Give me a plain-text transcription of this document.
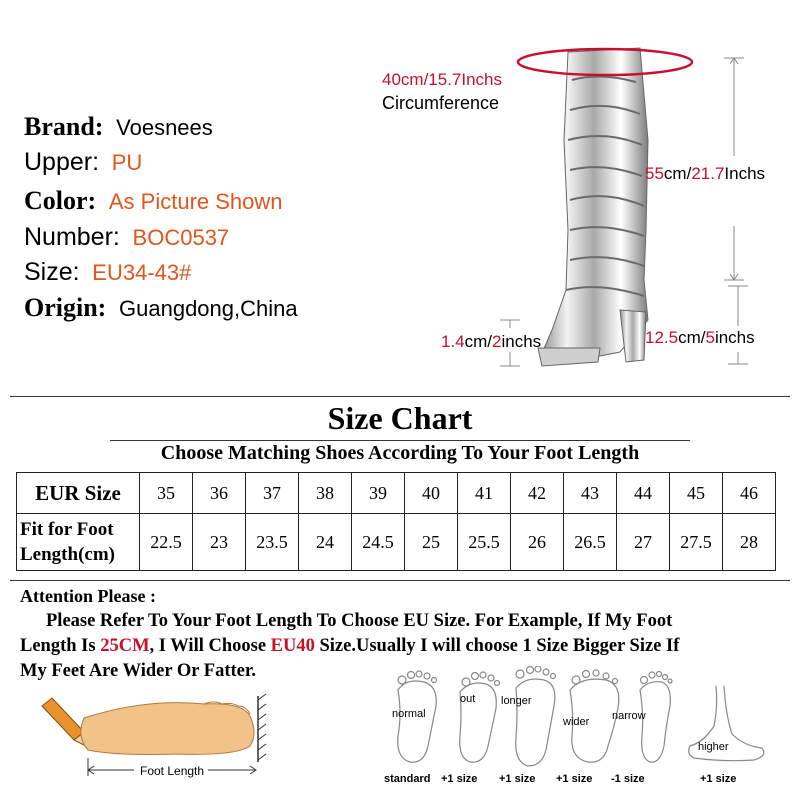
Brand: Voesnees
Upper: PU
Color: As Picture Shown
Number: BOC0537
Size: EU34-43#
Origin: Guangdong,China
40cm/15.7Inchs
Circumference
55cm/21.7Inchs
1.4cm/2inchs	12.5cm/5inchs
Size Chart
Choose Matching Shoes According To Your Foot Length
EUR Size	35	36	37	38	39	40	41	42	43	44	45	46

Fit for Foot
Length(cm)	22.5	23	23.5	24	24.5	25	25.5	26	26.5	27	27.5	28
Attention Please :
Please Refer To Your Foot Length To Choose EU Size. For Example, If My Foot
Length Is 25CM, I Will Choose EU40 Size.Usually I will choose 1 Size Bigger Size If
My Feet Are Wider Or Fatter.
Foot Length
normal
out longer
wider narrow
higher
standard +1 size +1 size +1 size -1 size	+1 size
